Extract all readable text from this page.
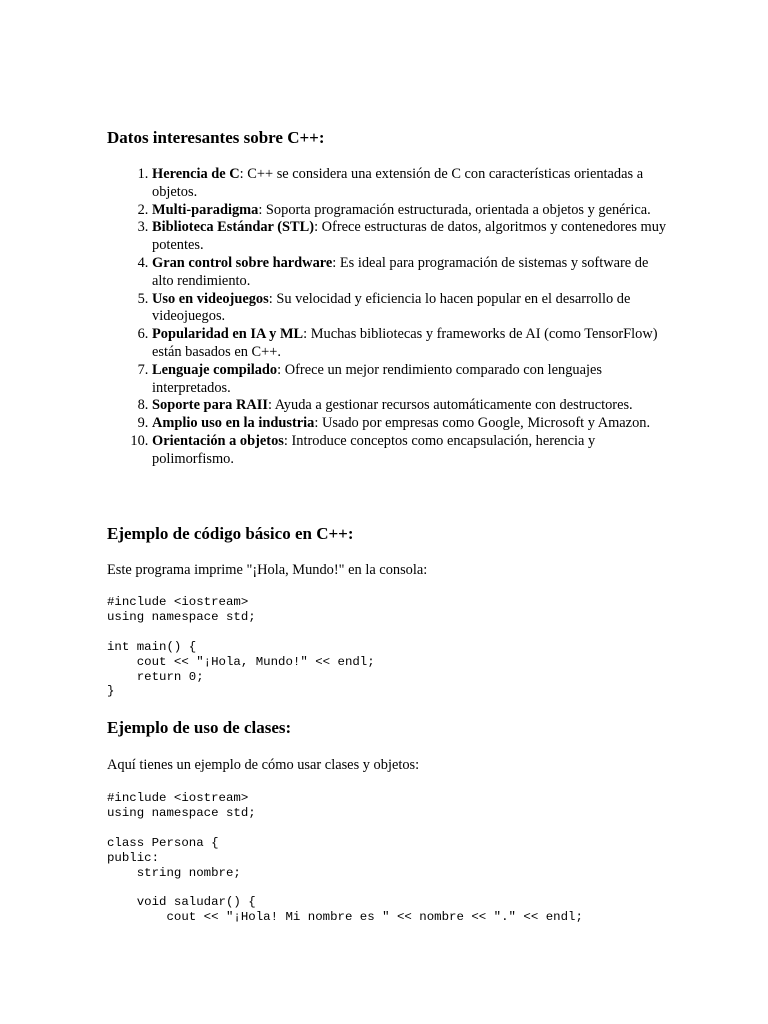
Datos interesantes sobre C++:
1. Herencia de C: C++ se considera una extensión de C con características orientadas a objetos.
2. Multi-paradigma: Soporta programación estructurada, orientada a objetos y genérica.
3. Biblioteca Estándar (STL): Ofrece estructuras de datos, algoritmos y contenedores muy potentes.
4. Gran control sobre hardware: Es ideal para programación de sistemas y software de alto rendimiento.
5. Uso en videojuegos: Su velocidad y eficiencia lo hacen popular en el desarrollo de videojuegos.
6. Popularidad en IA y ML: Muchas bibliotecas y frameworks de AI (como TensorFlow) están basados en C++.
7. Lenguaje compilado: Ofrece un mejor rendimiento comparado con lenguajes interpretados.
8. Soporte para RAII: Ayuda a gestionar recursos automáticamente con destructores.
9. Amplio uso en la industria: Usado por empresas como Google, Microsoft y Amazon.
10. Orientación a objetos: Introduce conceptos como encapsulación, herencia y polimorfismo.
Ejemplo de código básico en C++:

Este programa imprime "¡Hola, Mundo!" en la consola:

#include <iostream>
using namespace std;

int main() {
cout << "¡Hola, Mundo!" << endl;
return 0;
}
Ejemplo de uso de clases:

Aquí tienes un ejemplo de cómo usar clases y objetos:

#include <iostream>
using namespace std;

class Persona {
public:
string nombre;

void saludar() {
cout << "¡Hola! Mi nombre es " << nombre << "." << endl;
